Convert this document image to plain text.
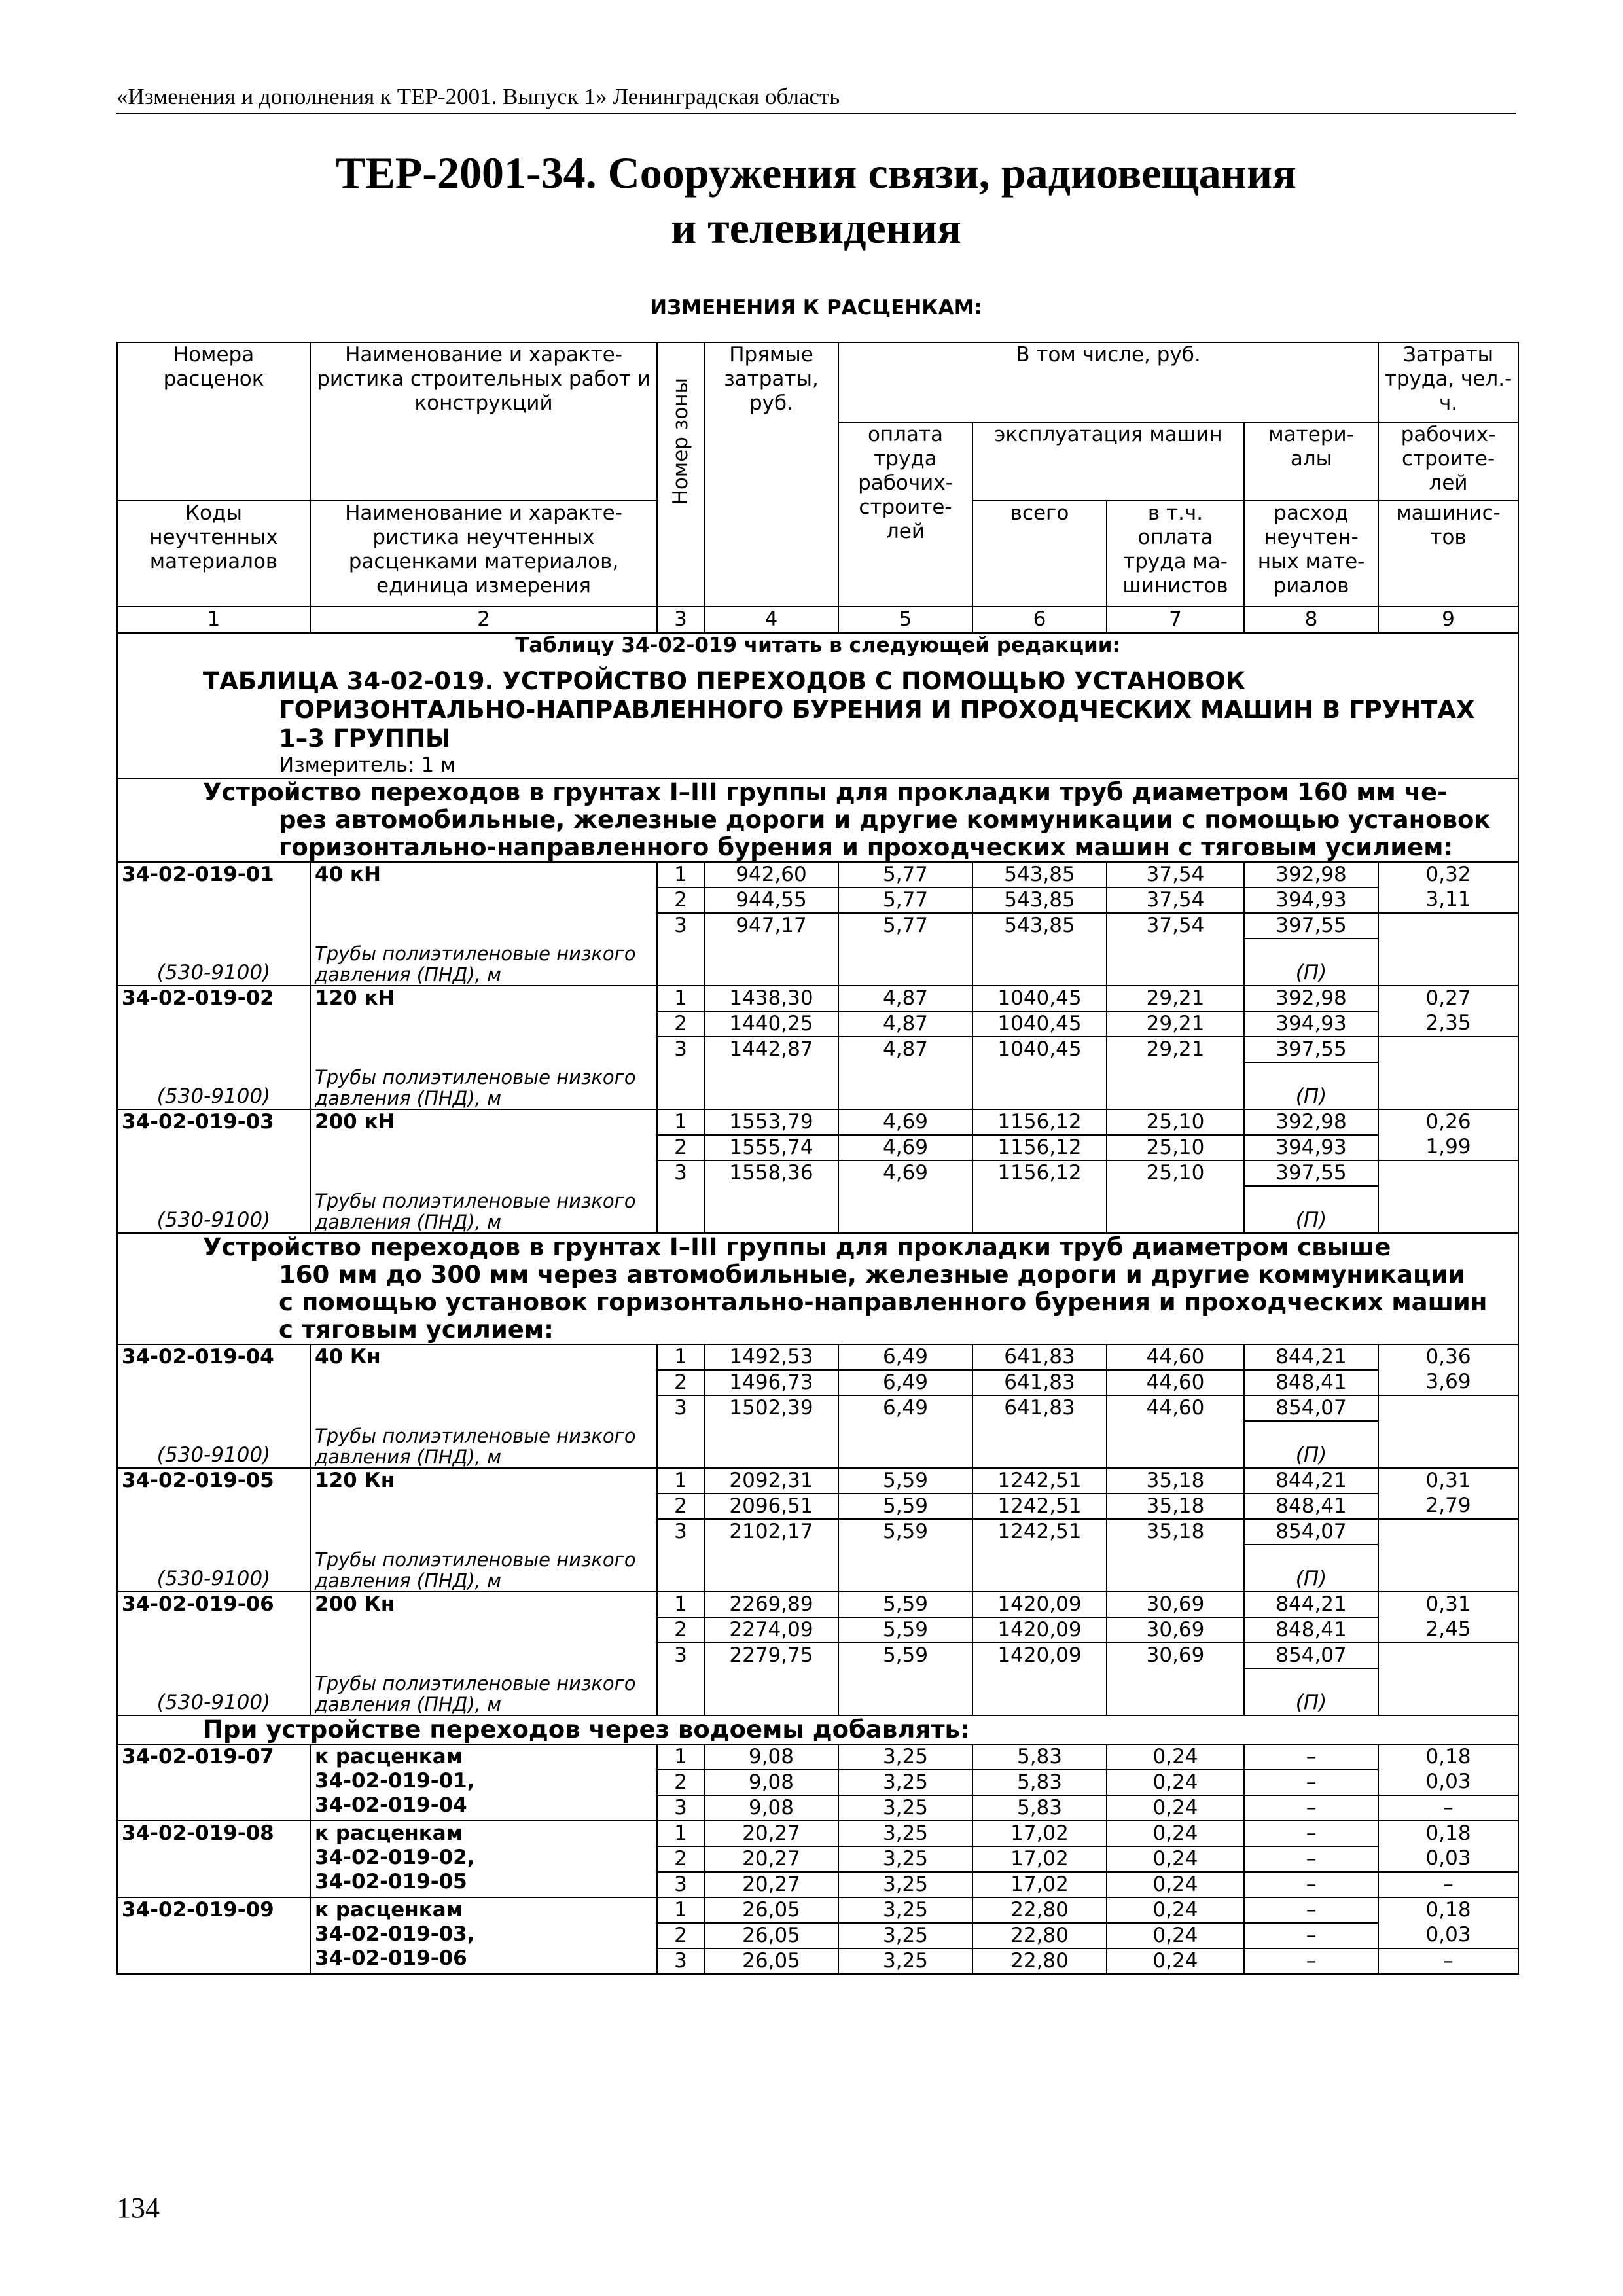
«Изменения и дополнения к ТЕР-2001. Выпуск 1» Ленинградская область
ТЕР-2001-34. Сооружения связи, радиовещания
и телевидения
ИЗМЕНЕНИЯ К РАСЦЕНКАМ:
Номера расценок	Наименование и характе-ристика строительных работ и конструкций	Номер зоны	Прямые затраты, руб.	В том числе, руб.				Затраты труда, чел.-ч.
				оплата труда рабочих-строите-лей	эксплуатация машин		матери-алы	рабочих-строите-лей
Коды неучтенных материалов	Наименование и характе-ристика неучтенных расценками материалов, единица измерения				всего	в т.ч. оплата труда ма-шинистов	расход неучтен-ных мате-риалов	машинис-тов
1	2	3	4	5	6	7	8	9

Таблицу 34-02-019 читать в следующей редакции:
ТАБЛИЦА 34-02-019. УСТРОЙСТВО ПЕРЕХОДОВ С ПОМОЩЬЮ УСТАНОВОК
ГОРИЗОНТАЛЬНО-НАПРАВЛЕННОГО БУРЕНИЯ И ПРОХОДЧЕСКИХ МАШИН В ГРУНТАХ
1–3 ГРУППЫ
Измеритель: 1 м								

Устройство переходов в грунтах I–III группы для прокладки труб диаметром 160 мм че-
рез автомобильные, железные дороги и другие коммуникации с помощью установок
горизонтально-направленного бурения и проходческих машин с тяговым усилием:								

34-02-019-01	40 кН	1	942,60	5,77	543,85	37,54	392,98	0,32
		2	944,55	5,77	543,85	37,54	394,93	3,11
(530-9100)	Трубы полиэтиленовые низкого давления (ПНД), м	3	947,17	5,77	543,85	37,54	397,55	
							(П)	
34-02-019-02	120 кН	1	1438,30	4,87	1040,45	29,21	392,98	0,27
		2	1440,25	4,87	1040,45	29,21	394,93	2,35
(530-9100)	Трубы полиэтиленовые низкого давления (ПНД), м	3	1442,87	4,87	1040,45	29,21	397,55	
							(П)	
34-02-019-03	200 кН	1	1553,79	4,69	1156,12	25,10	392,98	0,26
		2	1555,74	4,69	1156,12	25,10	394,93	1,99
(530-9100)	Трубы полиэтиленовые низкого давления (ПНД), м	3	1558,36	4,69	1156,12	25,10	397,55	
							(П)	

Устройство переходов в грунтах I–III группы для прокладки труб диаметром свыше
160 мм до 300 мм через автомобильные, железные дороги и другие коммуникации
с помощью установок горизонтально-направленного бурения и проходческих машин
с тяговым усилием:								

34-02-019-04	40 Кн	1	1492,53	6,49	641,83	44,60	844,21	0,36
		2	1496,73	6,49	641,83	44,60	848,41	3,69
(530-9100)	Трубы полиэтиленовые низкого давления (ПНД), м	3	1502,39	6,49	641,83	44,60	854,07	
							(П)	
34-02-019-05	120 Кн	1	2092,31	5,59	1242,51	35,18	844,21	0,31
		2	2096,51	5,59	1242,51	35,18	848,41	2,79
(530-9100)	Трубы полиэтиленовые низкого давления (ПНД), м	3	2102,17	5,59	1242,51	35,18	854,07	
							(П)	
34-02-019-06	200 Кн	1	2269,89	5,59	1420,09	30,69	844,21	0,31
		2	2274,09	5,59	1420,09	30,69	848,41	2,45
(530-9100)	Трубы полиэтиленовые низкого давления (ПНД), м	3	2279,75	5,59	1420,09	30,69	854,07	
							(П)	

При устройстве переходов через водоемы добавлять:								

34-02-019-07	к расценкам
34-02-019-01,
34-02-019-04	1	9,08	3,25	5,83	0,24	–	0,18
		2	9,08	3,25	5,83	0,24	–	0,03
		3	9,08	3,25	5,83	0,24	–	–
34-02-019-08	к расценкам
34-02-019-02,
34-02-019-05	1	20,27	3,25	17,02	0,24	–	0,18
		2	20,27	3,25	17,02	0,24	–	0,03
		3	20,27	3,25	17,02	0,24	–	–
34-02-019-09	к расценкам
34-02-019-03,
34-02-019-06	1	26,05	3,25	22,80	0,24	–	0,18
		2	26,05	3,25	22,80	0,24	–	0,03
		3	26,05	3,25	22,80	0,24	–	–
134
